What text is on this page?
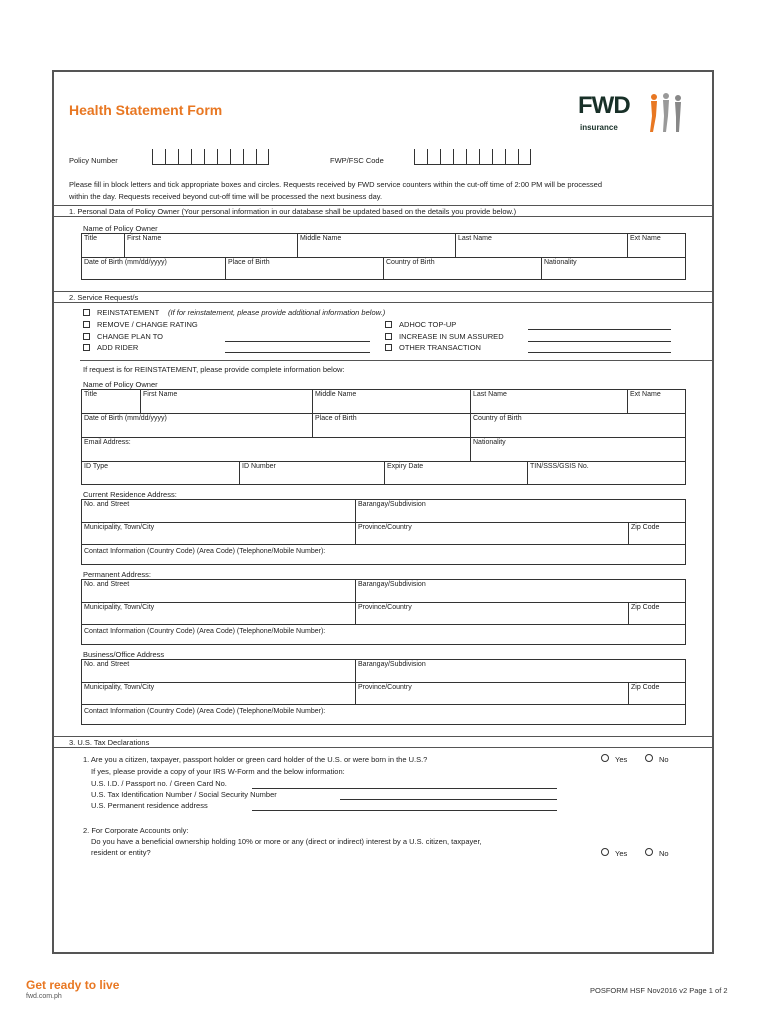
Health Statement Form	FWD
insurance
Policy Number	FWP/FSC Code
Please fill in block letters and tick appropriate boxes and circles. Requests received by FWD service counters within the cut-off time of 2:00 PM will be processed
within the day. Requests received beyond cut-off time will be processed the next business day.
1. Personal Data of Policy Owner (Your personal information in our database shall be updated based on the details you provide below.)
Name of Policy Owner
Title	First Name	Middle Name	Last Name	Ext Name
Date of Birth (mm/dd/yyyy)	Place of Birth	Country of Birth	Nationality
2. Service Request/s
REINSTATEMENT (If for reinstatement, please provide additional information below.)
REMOVE / CHANGE RATING
CHANGE PLAN TO
ADD RIDER
ADHOC TOP-UP
INCREASE IN SUM ASSURED
OTHER TRANSACTION
If request is for REINSTATEMENT, please provide complete information below:
Name of Policy Owner
Title	First Name	Middle Name	Last Name	Ext Name
Date of Birth (mm/dd/yyyy)	Place of Birth	Country of Birth
Email Address:	Nationality
ID Type	ID Number	Expiry Date	TIN/SSS/GSIS No.
Current Residence Address:
No. and Street	Barangay/Subdivision
Municipality, Town/City	Province/Country	Zip Code
Contact Information (Country Code) (Area Code) (Telephone/Mobile Number):
Permanent Address:
No. and Street	Barangay/Subdivision
Municipality, Town/City	Province/Country	Zip Code
Contact Information (Country Code) (Area Code) (Telephone/Mobile Number):
Business/Office Address
No. and Street	Barangay/Subdivision
Municipality, Town/City	Province/Country	Zip Code
Contact Information (Country Code) (Area Code) (Telephone/Mobile Number):
3. U.S. Tax Declarations
1. Are you a citizen, taxpayer, passport holder or green card holder of the U.S. or were born in the U.S.?	Yes	No
If yes, please provide a copy of your IRS W-Form and the below information:
U.S. I.D. / Passport no. / Green Card No.
U.S. Tax Identification Number / Social Security Number
U.S. Permanent residence address
2. For Corporate Accounts only:
Do you have a beneficial ownership holding 10% or more or any (direct or indirect) interest by a U.S. citizen, taxpayer,
resident or entity?	Yes	No
Get ready to live
fwd.com.ph
POSFORM HSF Nov2016 v2 Page 1 of 2
